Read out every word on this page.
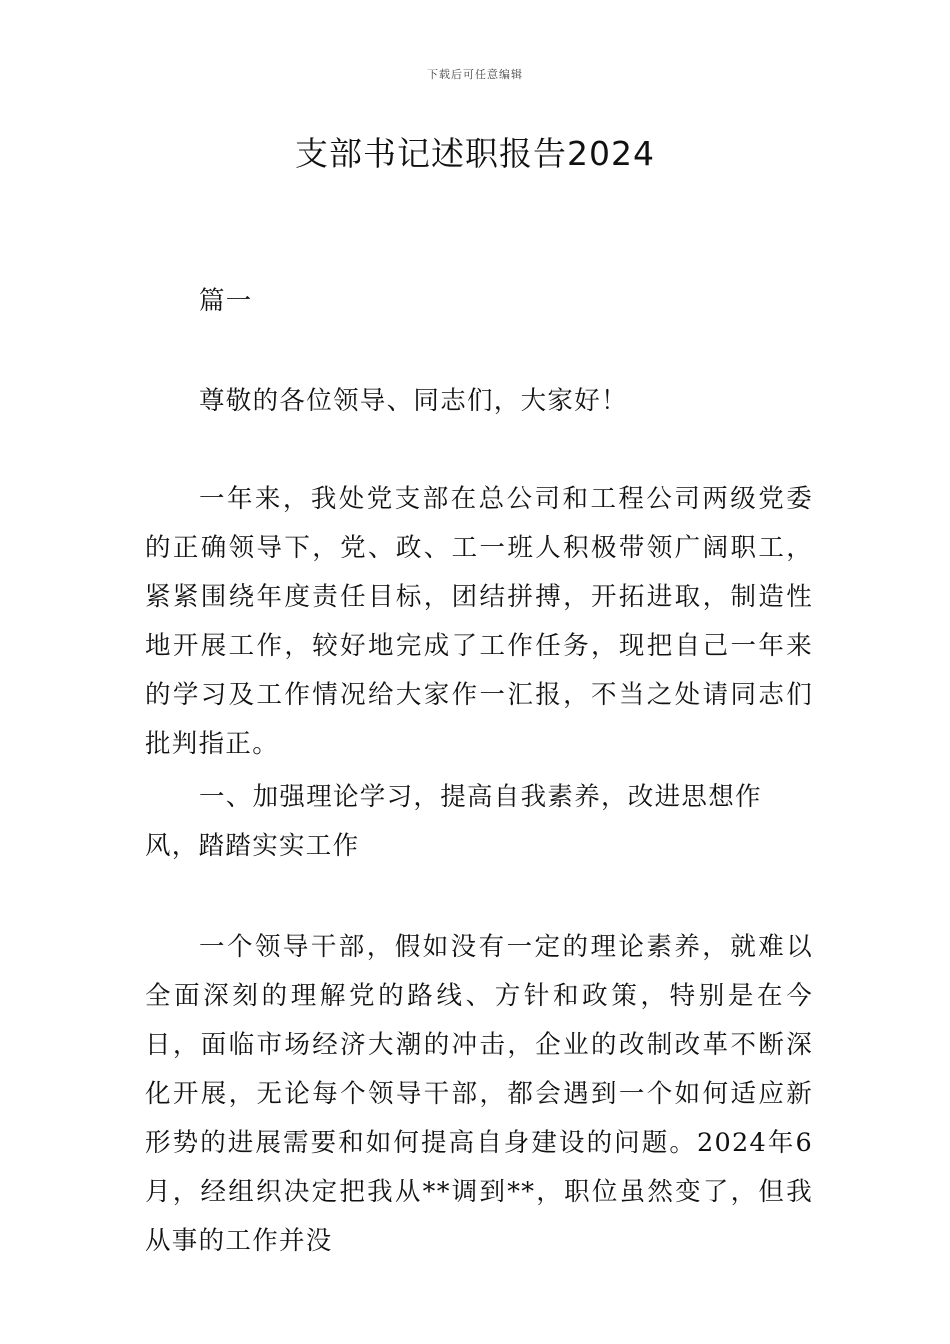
下载后可任意编辑
支部书记述职报告2024

篇一

尊敬的各位领导、同志们，大家好！

一年来，我处党支部在总公司和工程公司两级党委的正确领导下，党、政、工一班人积极带领广阔职工，紧紧围绕年度责任目标，团结拼搏，开拓进取，制造性地开展工作，较好地完成了工作任务，现把自己一年来的学习及工作情况给大家作一汇报，不当之处请同志们批判指正。

一、加强理论学习，提高自我素养，改进思想作风，踏踏实实工作

一个领导干部，假如没有一定的理论素养，就难以全面深刻的理解党的路线、方针和政策，特别是在今日，面临市场经济大潮的冲击，企业的改制改革不断深化开展，无论每个领导干部，都会遇到一个如何适应新形势的进展需要和如何提高自身建设的问题。2024年6月，经组织决定把我从**调到**，职位虽然变了，但我从事的工作并没
